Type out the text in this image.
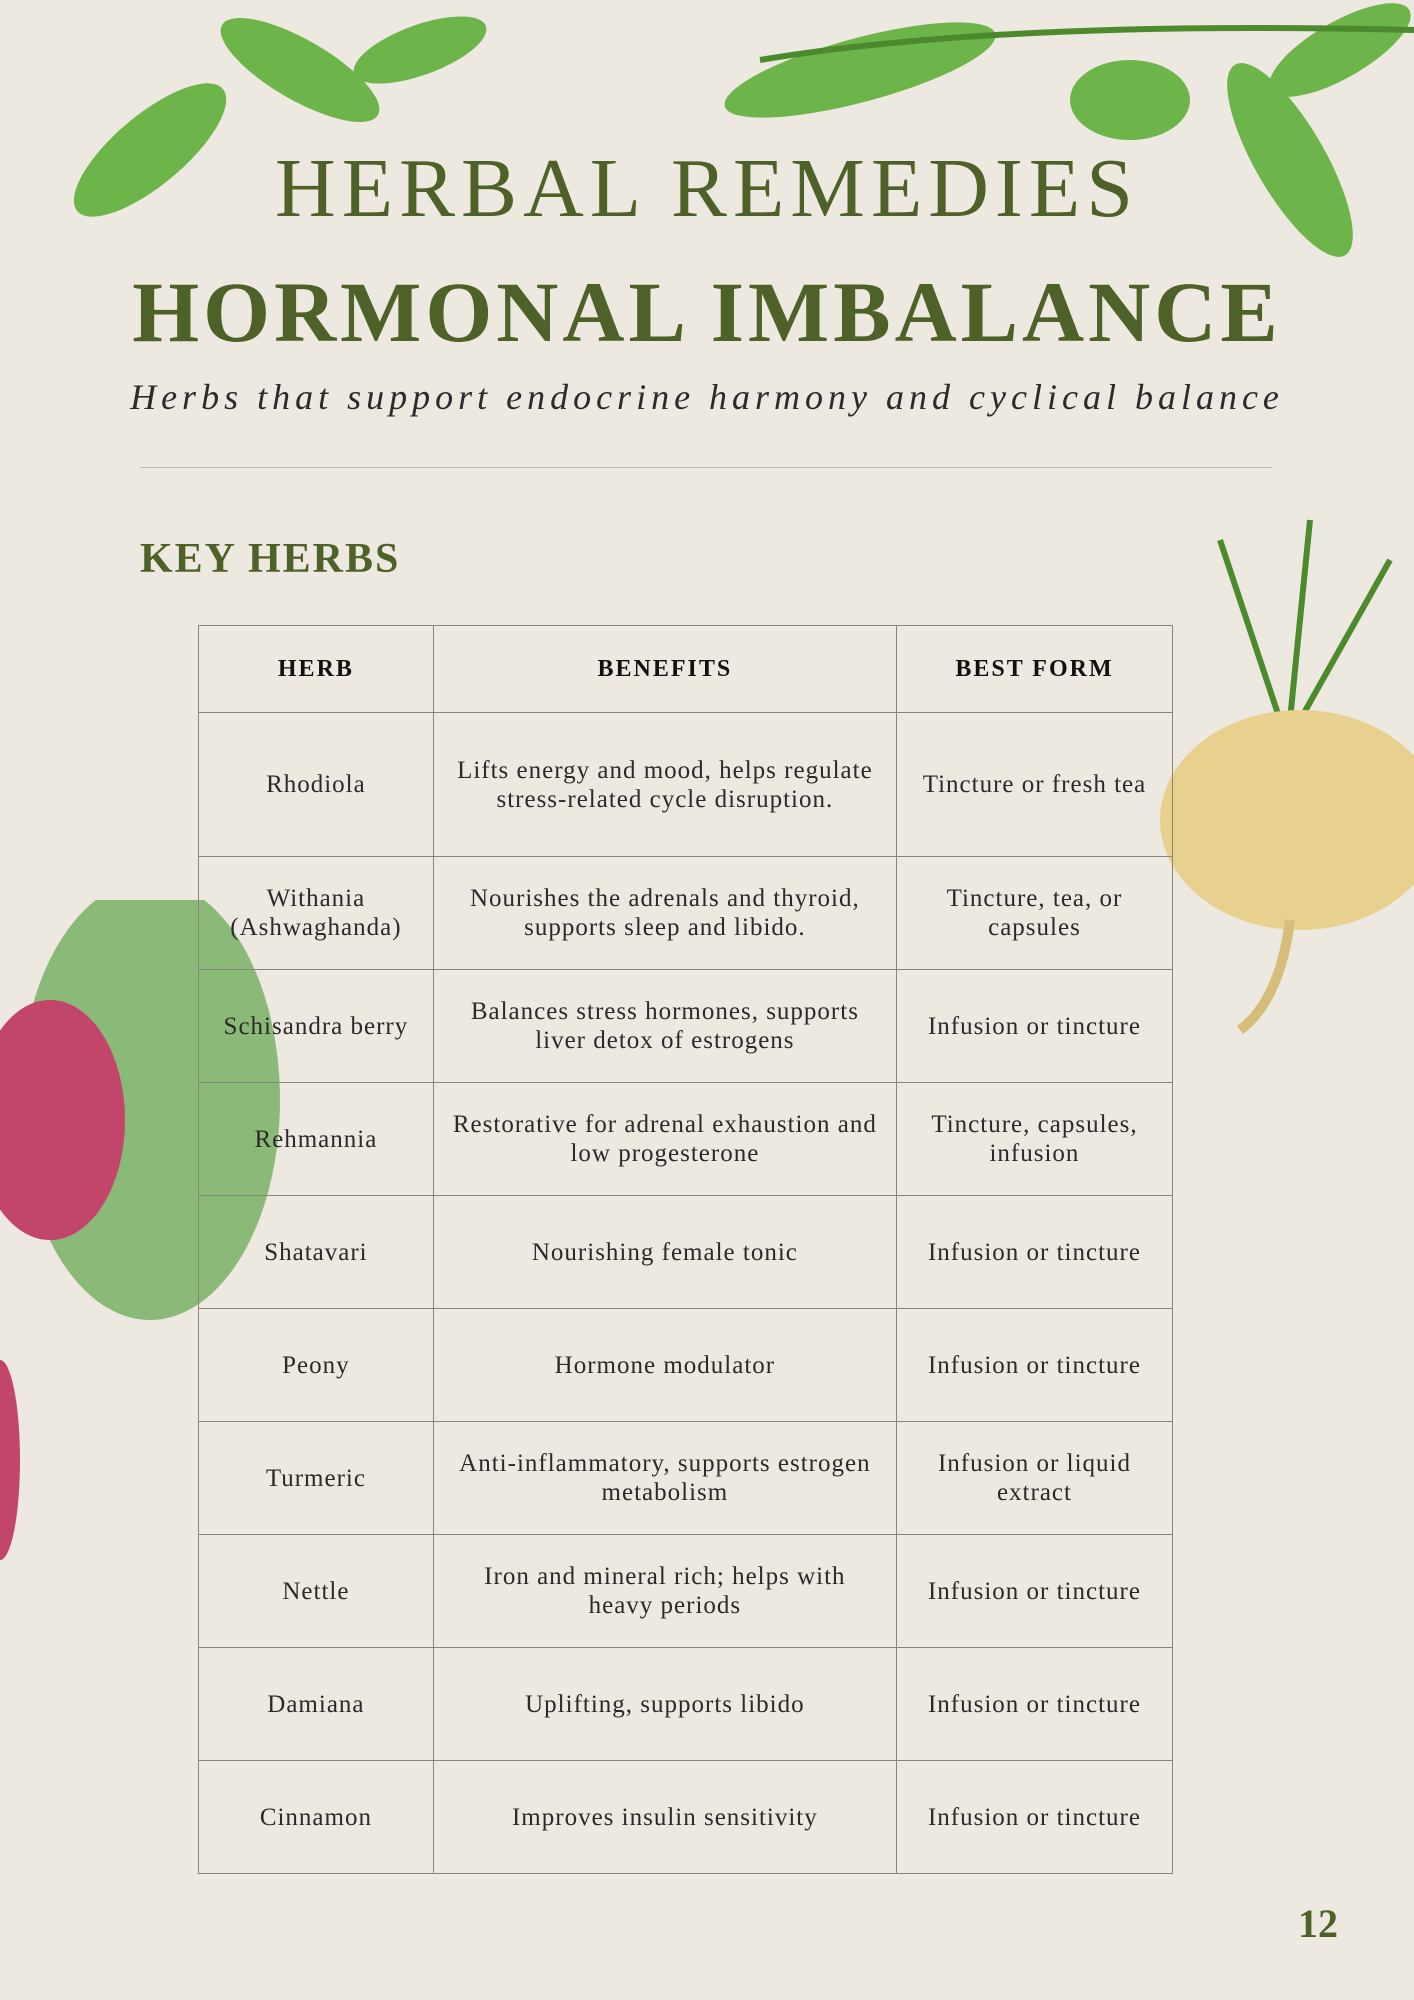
HERBAL REMEDIES
HORMONAL IMBALANCE
Herbs that support endocrine harmony and cyclical balance
KEY HERBS
HERB	BENEFITS	BEST FORM
Rhodiola	Lifts energy and mood, helps regulate stress-related cycle disruption.	Tincture or fresh tea
Withania (Ashwaghanda)	Nourishes the adrenals and thyroid, supports sleep and libido.	Tincture, tea, or capsules
Schisandra berry	Balances stress hormones, supports liver detox of estrogens	Infusion or tincture
Rehmannia	Restorative for adrenal exhaustion and low progesterone	Tincture, capsules, infusion
Shatavari	Nourishing female tonic	Infusion or tincture
Peony	Hormone modulator	Infusion or tincture
Turmeric	Anti-inflammatory, supports estrogen metabolism	Infusion or liquid extract
Nettle	Iron and mineral rich; helps with heavy periods	Infusion or tincture
Damiana	Uplifting, supports libido	Infusion or tincture
Cinnamon	Improves insulin sensitivity	Infusion or tincture
12
